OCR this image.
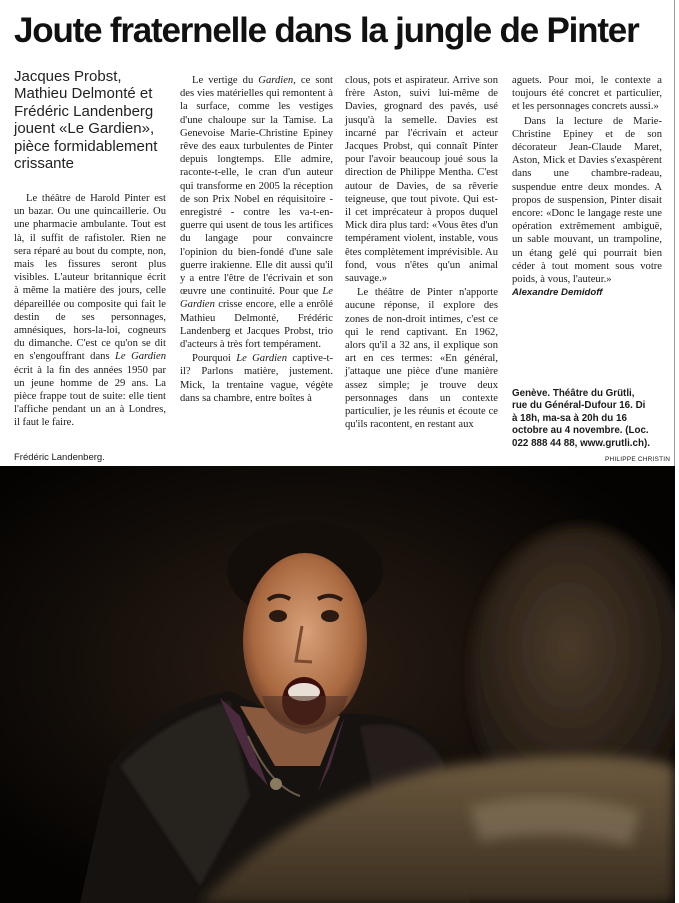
Joute fraternelle dans la jungle de Pinter
Jacques Probst, Mathieu Delmonté et Frédéric Landenberg jouent «Le Gardien», pièce formidablement crissante

Le théâtre de Harold Pinter est un bazar. Ou une quincaillerie. Ou une pharmacie ambulante. Tout est là, il suffit de rafistoler. Rien ne sera réparé au bout du compte, non, mais les fissures seront plus visibles. L'auteur britannique écrit à même la matière des jours, celle dépareillée ou composite qui fait le destin de ses personnages, amnésiques, hors-la-loi, cogneurs du dimanche. C'est ce qu'on se dit en s'engouffrant dans Le Gardien écrit à la fin des années 1950 par un jeune homme de 29 ans. La pièce frappe tout de suite: elle tient l'affiche pendant un an à Londres, il faut le faire.

Le vertige du Gardien, ce sont des vies matérielles qui remontent à la surface, comme les vestiges d'une chaloupe sur la Tamise. La Genevoise Marie-Christine Epiney rêve des eaux turbulentes de Pinter depuis longtemps. Elle admire, raconte-t-elle, le cran d'un auteur qui transforme en 2005 la réception de son Prix Nobel en réquisitoire - enregistré - contre les va-t-en-guerre qui usent de tous les artifices du langage pour convaincre l'opinion du bien-fondé d'une sale guerre irakienne. Elle dit aussi qu'il y a entre l'être de l'écrivain et son œuvre une continuité. Pour que Le Gardien crisse encore, elle a enrôlé Mathieu Delmonté, Frédéric Landenberg et Jacques Probst, trio d'acteurs à très fort tempérament.

Pourquoi Le Gardien captive-t-il? Parlons matière, justement. Mick, la trentaine vague, végète dans sa chambre, entre boîtes à

clous, pots et aspirateur. Arrive son frère Aston, suivi lui-même de Davies, grognard des pavés, usé jusqu'à la semelle. Davies est incarné par l'écrivain et acteur Jacques Probst, qui connaît Pinter pour l'avoir beaucoup joué sous la direction de Philippe Mentha. C'est autour de Davies, de sa rêverie teigneuse, que tout pivote. Qui est-il cet imprécateur à propos duquel Mick dira plus tard: «Vous êtes d'un tempérament violent, instable, vous êtes complètement imprévisible. Au fond, vous n'êtes qu'un animal sauvage.»

Le théâtre de Pinter n'apporte aucune réponse, il explore des zones de non-droit intimes, c'est ce qui le rend captivant. En 1962, alors qu'il a 32 ans, il explique son art en ces termes: «En général, j'attaque une pièce d'une manière assez simple; je trouve deux personnages dans un contexte particulier, je les réunis et écoute ce qu'ils racontent, en restant aux

aguets. Pour moi, le contexte a toujours été concret et particulier, et les personnages concrets aussi.»

Dans la lecture de Marie-Christine Epiney et de son décorateur Jean-Claude Maret, Aston, Mick et Davies s'exaspèrent dans une chambre-radeau, suspendue entre deux mondes. A propos de suspension, Pinter disait encore: «Donc le langage reste une opération extrêmement ambiguë, un sable mouvant, un trampoline, un étang gelé qui pourrait bien céder à tout moment sous votre poids, à vous, l'auteur.»

Alexandre Demidoff
Genève. Théâtre du Grütli, rue du Général-Dufour 16. Di à 18h, ma-sa à 20h du 16 octobre au 4 novembre. (Loc. 022 888 44 88, www.grutli.ch).
Frédéric Landenberg.	PHILIPPE CHRISTIN
